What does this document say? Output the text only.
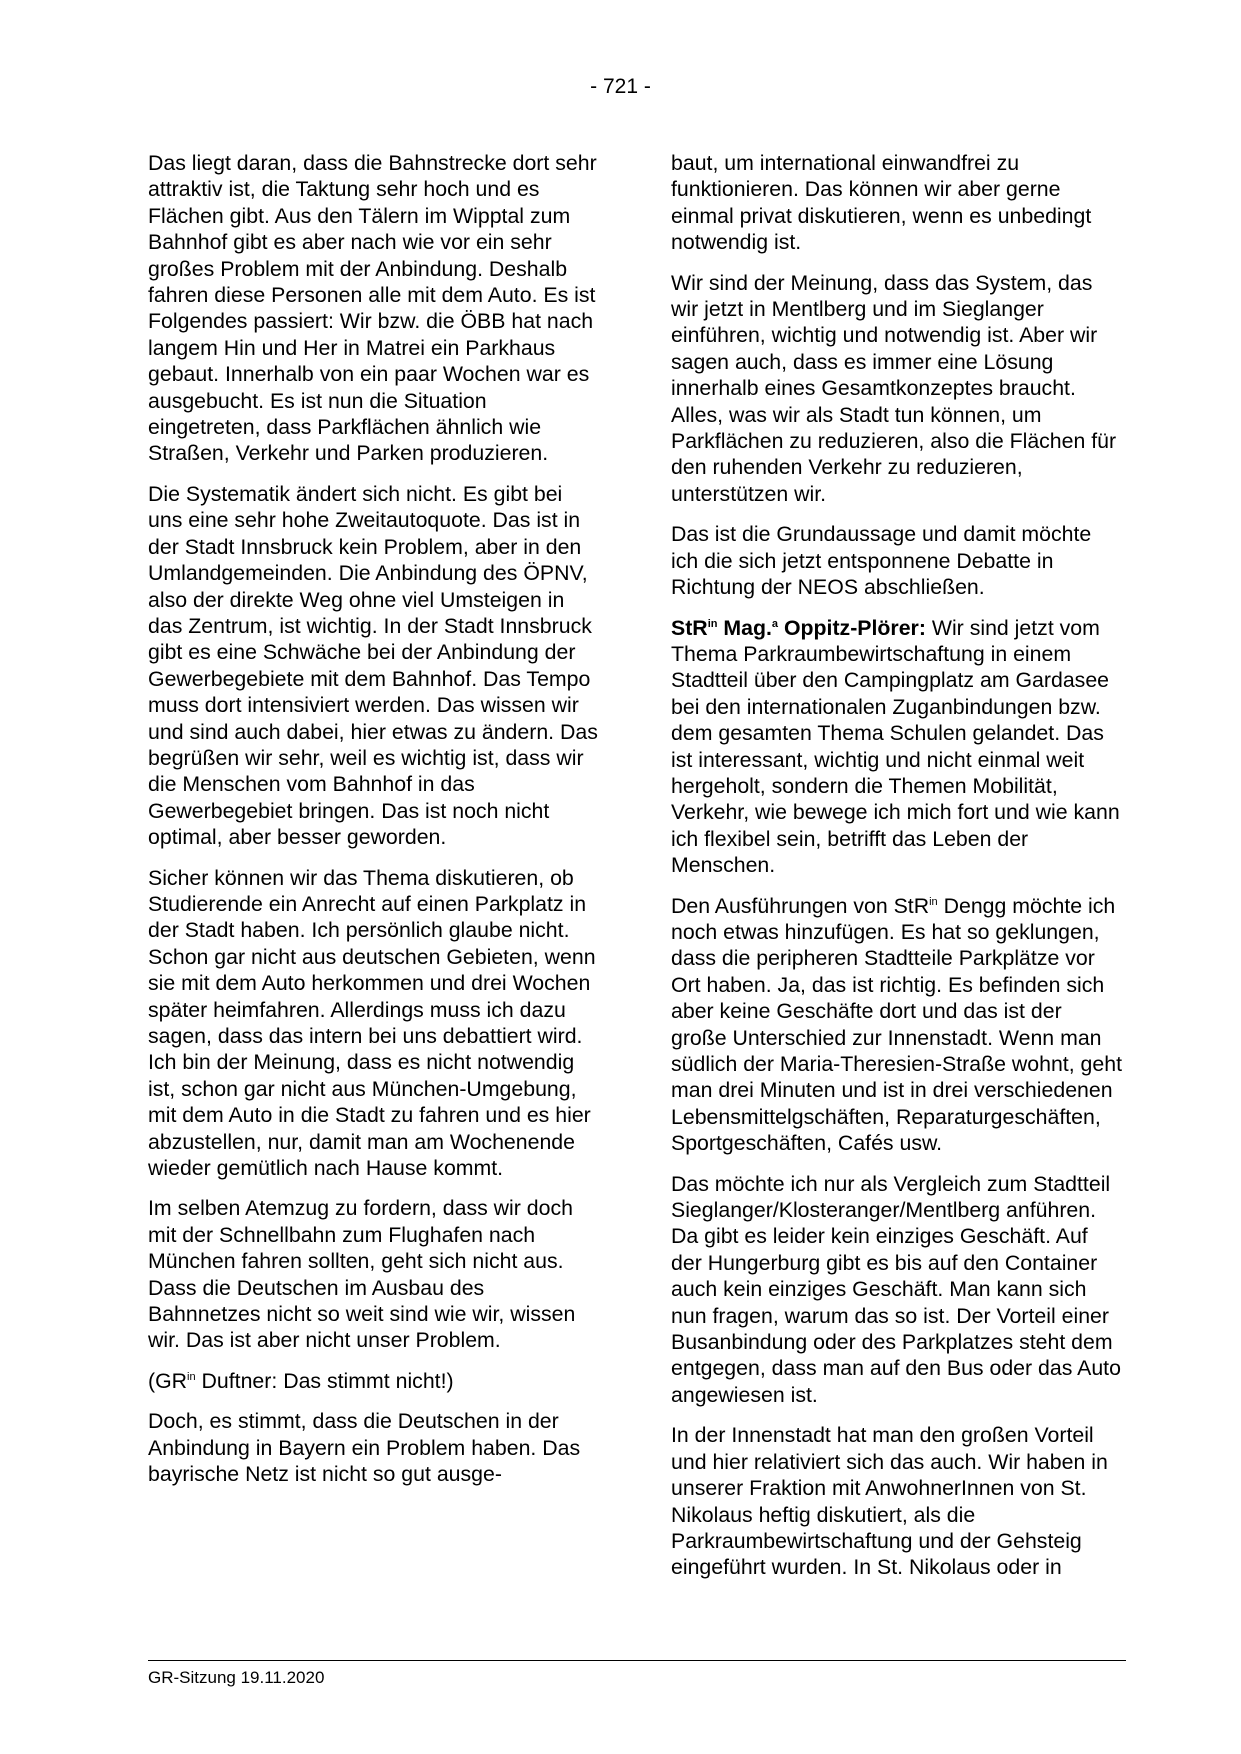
- 721 -

Das liegt daran, dass die Bahnstrecke dort sehr attraktiv ist, die Taktung sehr hoch und es Flächen gibt. Aus den Tälern im Wipptal zum Bahnhof gibt es aber nach wie vor ein sehr großes Problem mit der Anbindung. Deshalb fahren diese Personen alle mit dem Auto. Es ist Folgendes passiert: Wir bzw. die ÖBB hat nach langem Hin und Her in Matrei ein Parkhaus gebaut. Innerhalb von ein paar Wochen war es ausgebucht. Es ist nun die Situation eingetreten, dass Parkflächen ähnlich wie Straßen, Verkehr und Parken produzieren.

Die Systematik ändert sich nicht. Es gibt bei uns eine sehr hohe Zweitautoquote. Das ist in der Stadt Innsbruck kein Problem, aber in den Umlandgemeinden. Die Anbindung des ÖPNV, also der direkte Weg ohne viel Umsteigen in das Zentrum, ist wichtig. In der Stadt Innsbruck gibt es eine Schwäche bei der Anbindung der Gewerbegebiete mit dem Bahnhof. Das Tempo muss dort intensiviert werden. Das wissen wir und sind auch dabei, hier etwas zu ändern. Das begrüßen wir sehr, weil es wichtig ist, dass wir die Menschen vom Bahnhof in das Gewerbegebiet bringen. Das ist noch nicht optimal, aber besser geworden.

Sicher können wir das Thema diskutieren, ob Studierende ein Anrecht auf einen Parkplatz in der Stadt haben. Ich persönlich glaube nicht. Schon gar nicht aus deutschen Gebieten, wenn sie mit dem Auto herkommen und drei Wochen später heimfahren. Allerdings muss ich dazu sagen, dass das intern bei uns debattiert wird. Ich bin der Meinung, dass es nicht notwendig ist, schon gar nicht aus München-Umgebung, mit dem Auto in die Stadt zu fahren und es hier abzustellen, nur, damit man am Wochenende wieder gemütlich nach Hause kommt.

Im selben Atemzug zu fordern, dass wir doch mit der Schnellbahn zum Flughafen nach München fahren sollten, geht sich nicht aus. Dass die Deutschen im Ausbau des Bahnnetzes nicht so weit sind wie wir, wissen wir. Das ist aber nicht unser Problem.

($GR^{in}$ Duftner: Das stimmt nicht!)

Doch, es stimmt, dass die Deutschen in der Anbindung in Bayern ein Problem haben. Das bayrische Netz ist nicht so gut ausge-

baut, um international einwandfrei zu funktionieren. Das können wir aber gerne einmal privat diskutieren, wenn es unbedingt notwendig ist.

Wir sind der Meinung, dass das System, das wir jetzt in Mentlberg und im Sieglanger einführen, wichtig und notwendig ist. Aber wir sagen auch, dass es immer eine Lösung innerhalb eines Gesamtkonzeptes braucht. Alles, was wir als Stadt tun können, um Parkflächen zu reduzieren, also die Flächen für den ruhenden Verkehr zu reduzieren, unterstützen wir.

Das ist die Grundaussage und damit möchte ich die sich jetzt entsponnene Debatte in Richtung der NEOS abschließen.

StR$^{in}$ Mag.$^a$ Oppitz-Plörer: Wir sind jetzt vom Thema Parkraumbewirtschaftung in einem Stadtteil über den Campingplatz am Gardasee bei den internationalen Zuganbindungen bzw. dem gesamten Thema Schulen gelandet. Das ist interessant, wichtig und nicht einmal weit hergeholt, sondern die Themen Mobilität, Verkehr, wie bewege ich mich fort und wie kann ich flexibel sein, betrifft das Leben der Menschen.

Den Ausführungen von StR$^{in}$ Dengg möchte ich noch etwas hinzufügen. Es hat so geklungen, dass die peripheren Stadtteile Parkplätze vor Ort haben. Ja, das ist richtig. Es befinden sich aber keine Geschäfte dort und das ist der große Unterschied zur Innenstadt. Wenn man südlich der Maria-Theresien-Straße wohnt, geht man drei Minuten und ist in drei verschiedenen Lebensmittelgschäften, Reparaturgeschäften, Sportgeschäften, Cafés usw.

Das möchte ich nur als Vergleich zum Stadtteil Sieglanger/Klosteranger/Mentlberg anführen. Da gibt es leider kein einziges Geschäft. Auf der Hungerburg gibt es bis auf den Container auch kein einziges Geschäft. Man kann sich nun fragen, warum das so ist. Der Vorteil einer Busanbindung oder des Parkplatzes steht dem entgegen, dass man auf den Bus oder das Auto angewiesen ist.

In der Innenstadt hat man den großen Vorteil und hier relativiert sich das auch. Wir haben in unserer Fraktion mit AnwohnerInnen von St. Nikolaus heftig diskutiert, als die Parkraumbewirtschaftung und der Gehsteig eingeführt wurden. In St. Nikolaus oder in

GR-Sitzung 19.11.2020
